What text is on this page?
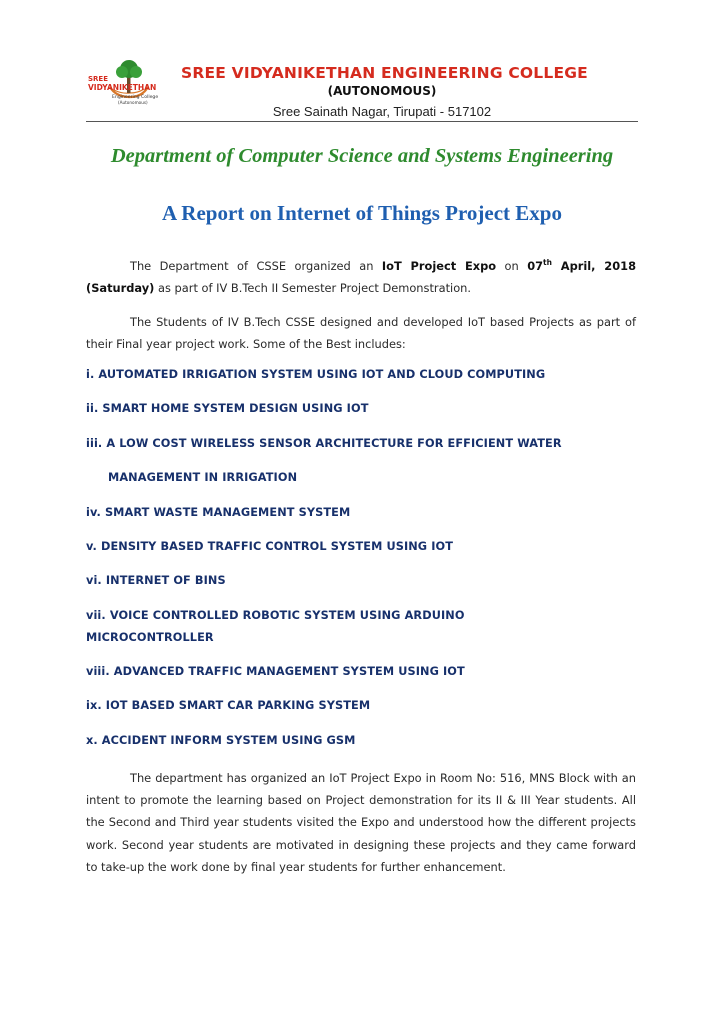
SREE
VIDYANIKETHAN
Engineering College
(Autonomous)
SREE VIDYANIKETHAN ENGINEERING COLLEGE
(AUTONOMOUS)
Sree Sainath Nagar, Tirupati - 517102
Department of Computer Science and Systems Engineering
A Report on Internet of Things Project Expo

The Department of CSSE organized an IoT Project Expo on 07th April, 2018 (Saturday) as part of IV B.Tech II Semester Project Demonstration.

The Students of IV B.Tech CSSE designed and developed IoT based Projects as part of their Final year project work. Some of the Best includes:

i. AUTOMATED IRRIGATION SYSTEM USING IOT AND CLOUD COMPUTING
ii. SMART HOME SYSTEM DESIGN USING IOT
iii. A LOW COST WIRELESS SENSOR ARCHITECTURE FOR EFFICIENT WATER
MANAGEMENT IN IRRIGATION
iv. SMART WASTE MANAGEMENT SYSTEM
v. DENSITY BASED TRAFFIC CONTROL SYSTEM USING IOT
vi. INTERNET OF BINS
vii. VOICE CONTROLLED ROBOTIC SYSTEM USING ARDUINO
MICROCONTROLLER
viii. ADVANCED TRAFFIC MANAGEMENT SYSTEM USING IOT
ix. IOT BASED SMART CAR PARKING SYSTEM
x. ACCIDENT INFORM SYSTEM USING GSM

The department has organized an IoT Project Expo in Room No: 516, MNS Block with an intent to promote the learning based on Project demonstration for its II & III Year students. All the Second and Third year students visited the Expo and understood how the different projects work. Second year students are motivated in designing these projects and they came forward to take-up the work done by final year students for further enhancement.
